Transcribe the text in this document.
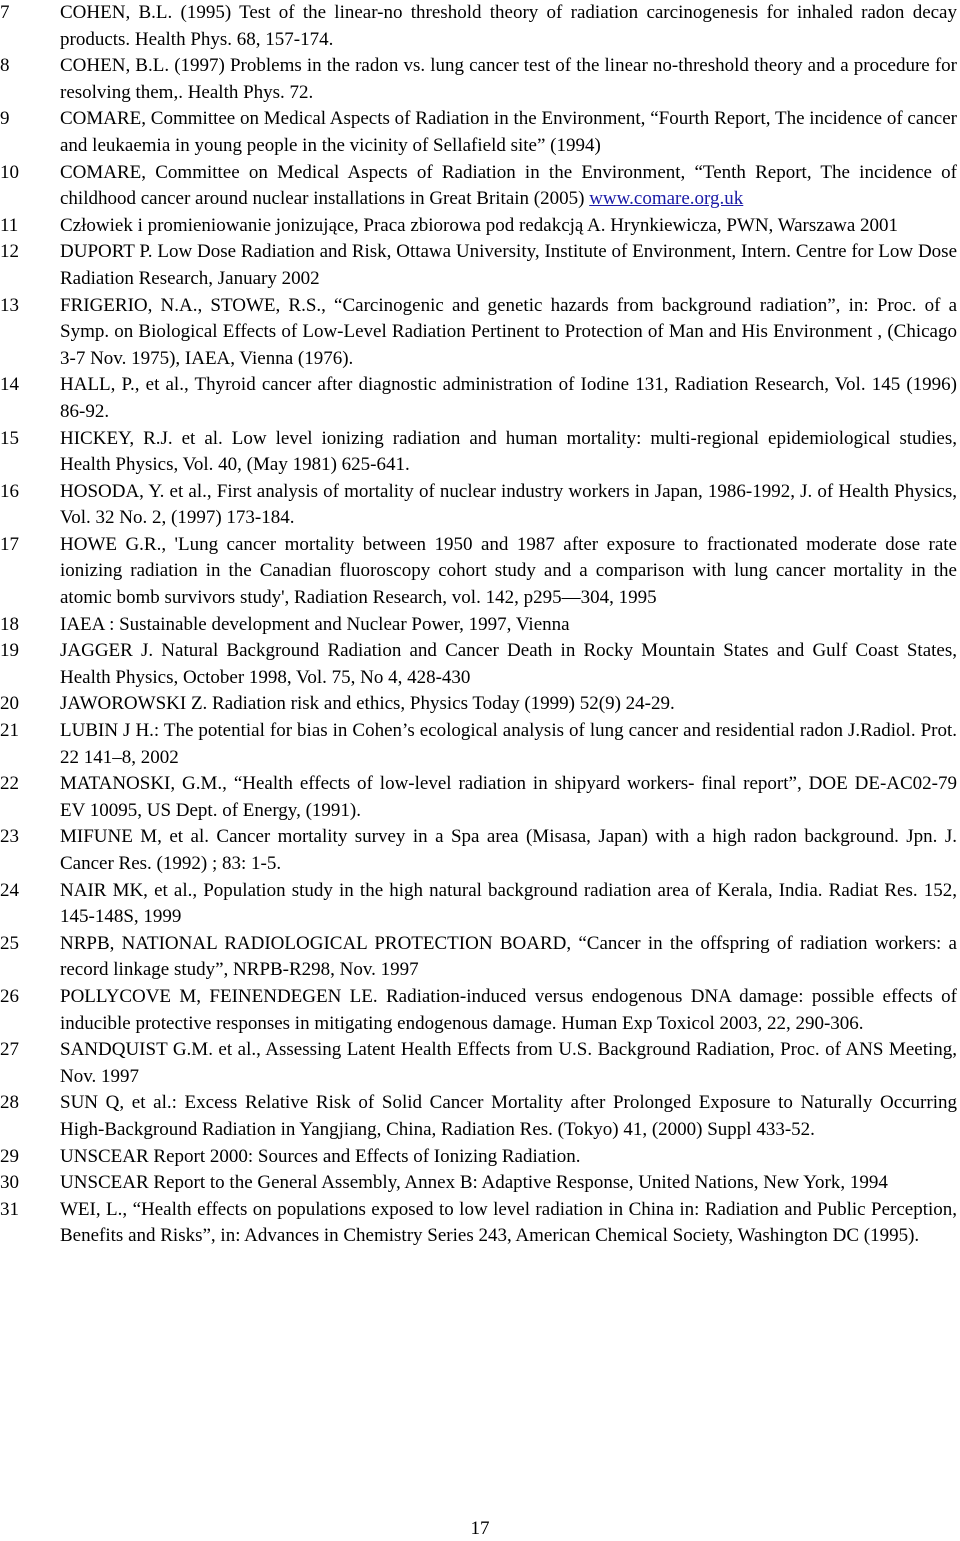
7	COHEN, B.L. (1995) Test of the linear-no threshold theory of radiation carcinogenesis for inhaled radon decay products. Health Phys. 68, 157-174.
8	COHEN, B.L. (1997) Problems in the radon vs. lung cancer test of the linear no-threshold theory and a procedure for resolving them,. Health Phys. 72.
9	COMARE, Committee on Medical Aspects of Radiation in the Environment, “Fourth Report, The incidence of cancer and leukaemia in young people in the vicinity of Sellafield site” (1994)
10	COMARE, Committee on Medical Aspects of Radiation in the Environment, “Tenth Report, The incidence of childhood cancer around nuclear installations in Great Britain (2005) www.comare.org.uk
11	Człowiek i promieniowanie jonizujące, Praca zbiorowa pod redakcją A. Hrynkiewicza, PWN, Warszawa 2001
12	DUPORT P. Low Dose Radiation and Risk, Ottawa University, Institute of Environment, Intern. Centre for Low Dose Radiation Research, January 2002
13	FRIGERIO, N.A., STOWE, R.S., “Carcinogenic and genetic hazards from background radiation”, in: Proc. of a Symp. on Biological Effects of Low-Level Radiation Pertinent to Protection of Man and His Environment , (Chicago 3-7 Nov. 1975), IAEA, Vienna (1976).
14	HALL, P., et al., Thyroid cancer after diagnostic administration of Iodine 131, Radiation Research, Vol. 145 (1996) 86-92.
15	HICKEY, R.J. et al. Low level ionizing radiation and human mortality: multi-regional epidemiological studies, Health Physics, Vol. 40, (May 1981) 625-641.
16	HOSODA, Y. et al., First analysis of mortality of nuclear industry workers in Japan, 1986-1992, J. of Health Physics, Vol. 32 No. 2, (1997) 173-184.
17	HOWE G.R., 'Lung cancer mortality between 1950 and 1987 after exposure to fractionated moderate dose rate ionizing radiation in the Canadian fluoroscopy cohort study and a comparison with lung cancer mortality in the atomic bomb survivors study', Radiation Research, vol. 142, p295—304, 1995
18	IAEA : Sustainable development and Nuclear Power, 1997, Vienna
19	JAGGER J. Natural Background Radiation and Cancer Death in Rocky Mountain States and Gulf Coast States, Health Physics, October 1998, Vol. 75, No 4, 428-430
20	JAWOROWSKI Z. Radiation risk and ethics, Physics Today (1999) 52(9) 24-29.
21	LUBIN J H.: The potential for bias in Cohen’s ecological analysis of lung cancer and residential radon J.Radiol. Prot. 22 141–8, 2002
22	MATANOSKI, G.M., “Health effects of low-level radiation in shipyard workers- final report”, DOE DE-AC02-79 EV 10095, US Dept. of Energy, (1991).
23	MIFUNE M, et al. Cancer mortality survey in a Spa area (Misasa, Japan) with a high radon background. Jpn. J. Cancer Res. (1992) ; 83: 1-5.
24	NAIR MK, et al., Population study in the high natural background radiation area of Kerala, India. Radiat Res. 152, 145-148S, 1999
25	NRPB, NATIONAL RADIOLOGICAL PROTECTION BOARD, “Cancer in the offspring of radiation workers: a record linkage study”, NRPB-R298, Nov. 1997
26	POLLYCOVE M, FEINENDEGEN LE. Radiation-induced versus endogenous DNA damage: possible effects of inducible protective responses in mitigating endogenous damage. Human Exp Toxicol 2003, 22, 290-306.
27	SANDQUIST G.M. et al., Assessing Latent Health Effects from U.S. Background Radiation, Proc. of ANS Meeting, Nov. 1997
28	SUN Q, et al.: Excess Relative Risk of Solid Cancer Mortality after Prolonged Exposure to Naturally Occurring High-Background Radiation in Yangjiang, China, Radiation Res. (Tokyo) 41, (2000) Suppl 433-52.
29	UNSCEAR Report 2000: Sources and Effects of Ionizing Radiation.
30	UNSCEAR Report to the General Assembly, Annex B: Adaptive Response, United Nations, New York, 1994
31	WEI, L., “Health effects on populations exposed to low level radiation in China in: Radiation and Public Perception, Benefits and Risks”, in: Advances in Chemistry Series 243, American Chemical Society, Washington DC (1995).
17
